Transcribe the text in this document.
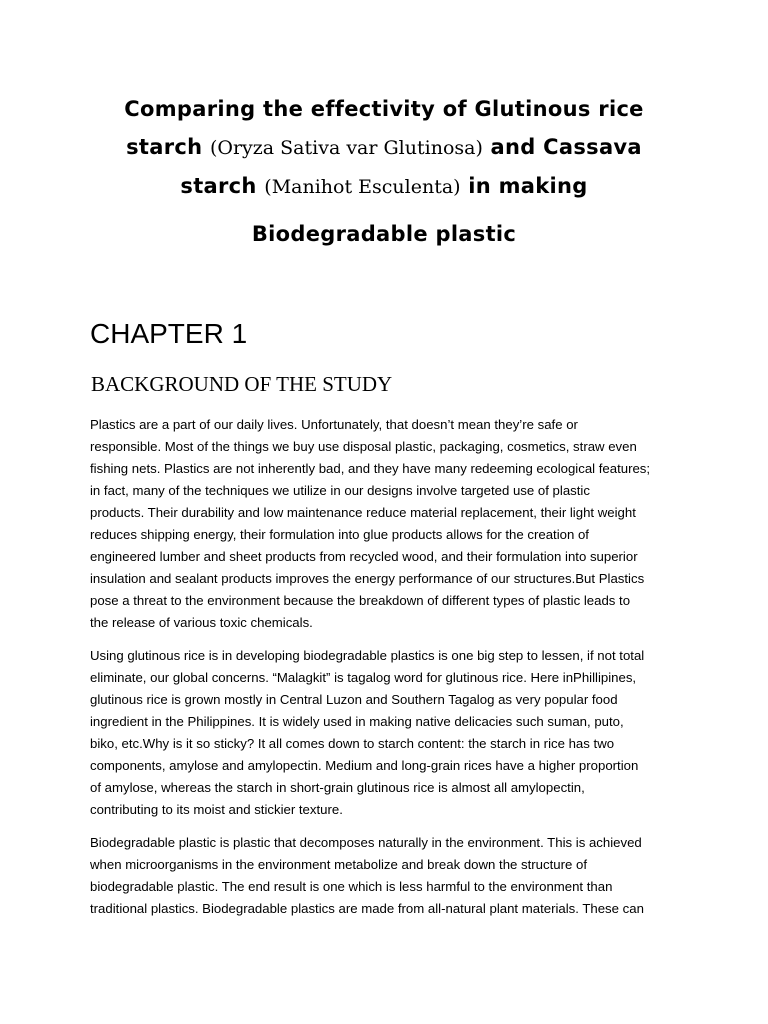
Comparing the effectivity of Glutinous rice
starch (Oryza Sativa var Glutinosa) and Cassava
starch (Manihot Esculenta) in making
Biodegradable plastic
CHAPTER 1
BACKGROUND OF THE STUDY

Plastics are a part of our daily lives. Unfortunately, that doesn’t mean they’re safe or
responsible. Most of the things we buy use disposal plastic, packaging, cosmetics, straw even
fishing nets. Plastics are not inherently bad, and they have many redeeming ecological features;
in fact, many of the techniques we utilize in our designs involve targeted use of plastic
products. Their durability and low maintenance reduce material replacement, their light weight
reduces shipping energy, their formulation into glue products allows for the creation of
engineered lumber and sheet products from recycled wood, and their formulation into superior
insulation and sealant products improves the energy performance of our structures.But Plastics
pose a threat to the environment because the breakdown of different types of plastic leads to
the release of various toxic chemicals.

Using glutinous rice is in developing biodegradable plastics is one big step to lessen, if not total
eliminate, our global concerns. “Malagkit” is tagalog word for glutinous rice. Here inPhillipines,
glutinous rice is grown mostly in Central Luzon and Southern Tagalog as very popular food
ingredient in the Philippines. It is widely used in making native delicacies such suman, puto,
biko, etc.Why is it so sticky? It all comes down to starch content: the starch in rice has two
components, amylose and amylopectin. Medium and long-grain rices have a higher proportion
of amylose, whereas the starch in short-grain glutinous rice is almost all amylopectin,
contributing to its moist and stickier texture.

Biodegradable plastic is plastic that decomposes naturally in the environment. This is achieved
when microorganisms in the environment metabolize and break down the structure of
biodegradable plastic. The end result is one which is less harmful to the environment than
traditional plastics. Biodegradable plastics are made from all-natural plant materials. These can
